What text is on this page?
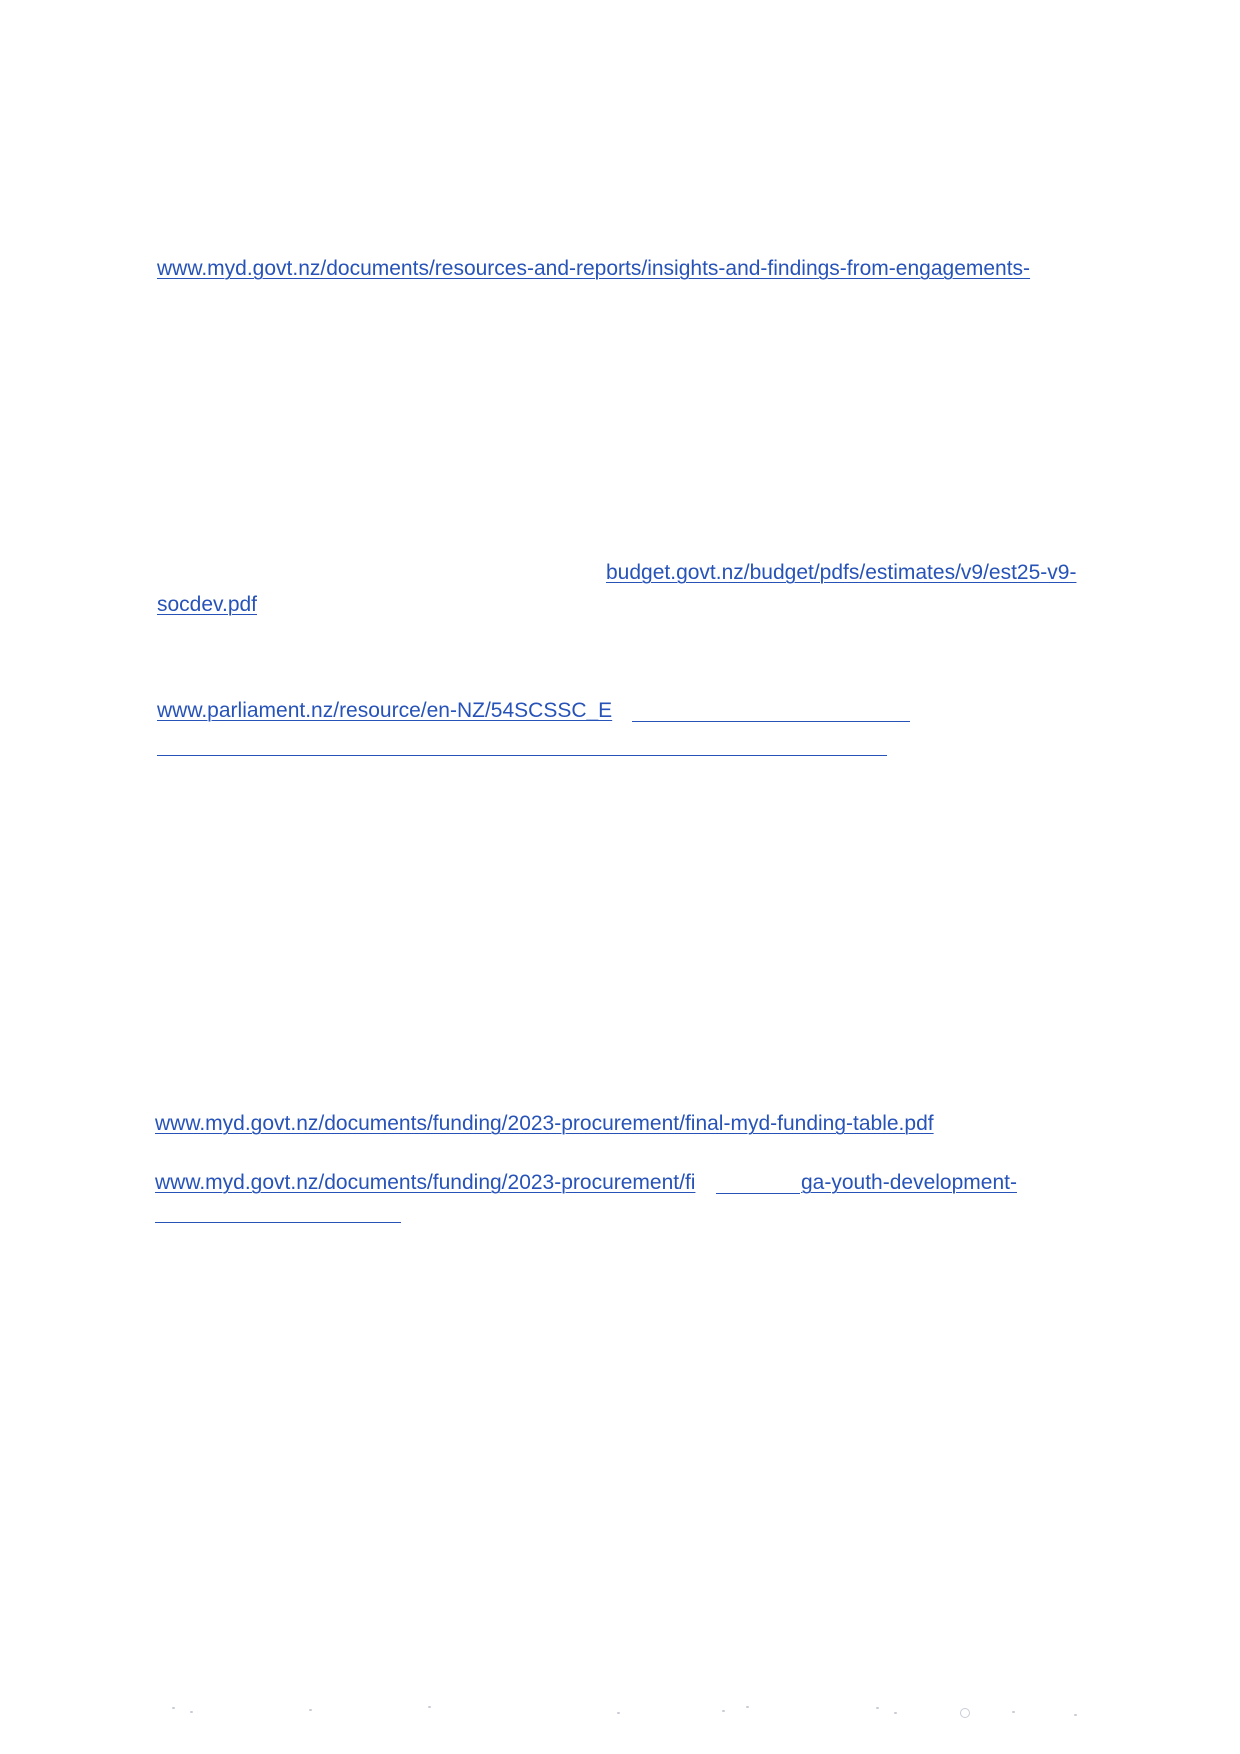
www.myd.govt.nz/documents/resources-and-reports/insights-and-findings-from-engagements-
budget.govt.nz/budget/pdfs/estimates/v9/est25-v9-
socdev.pdf
www.parliament.nz/resource/en-NZ/54SCSSC_E
www.myd.govt.nz/documents/funding/2023-procurement/final-myd-funding-table.pdf
www.myd.govt.nz/documents/funding/2023-procurement/fi	ga-youth-development-
